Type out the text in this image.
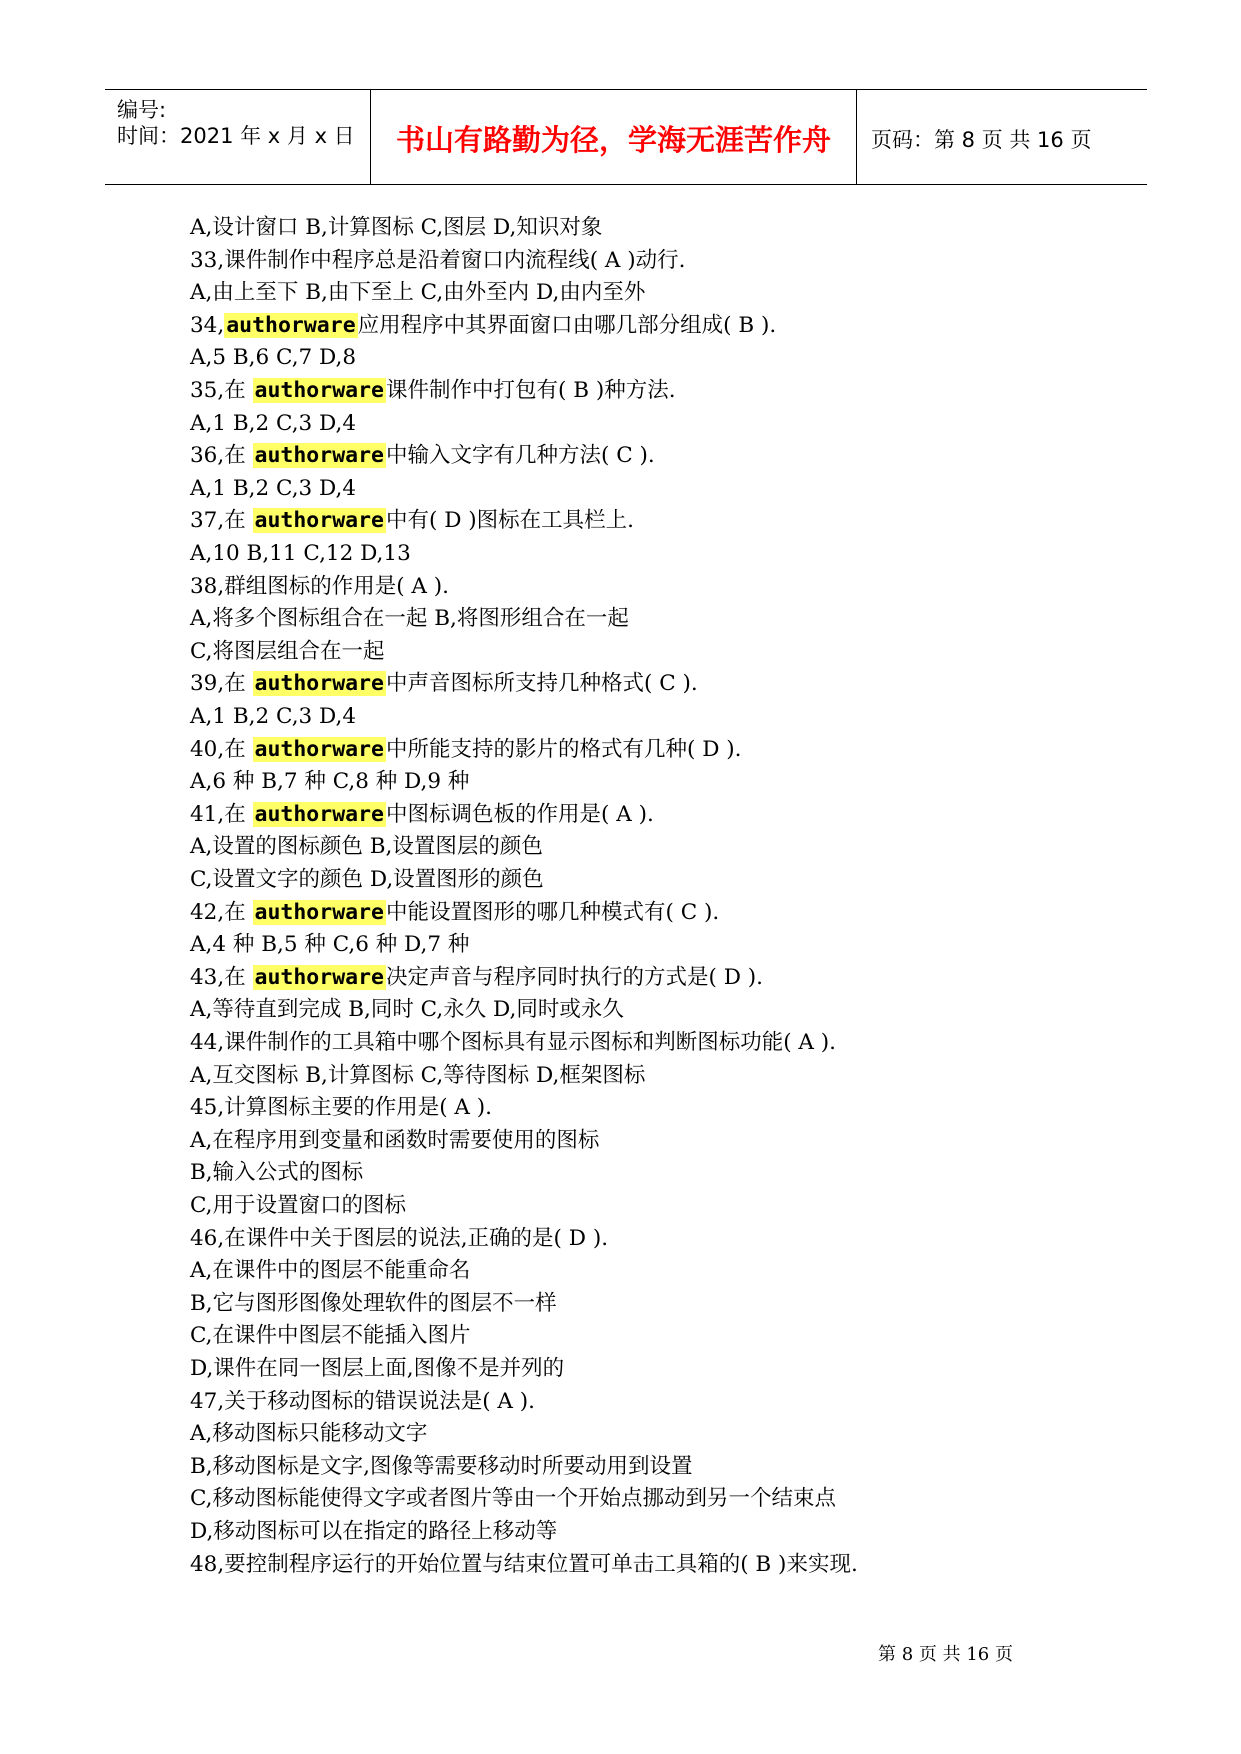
编号:
时间：2021 年 x 月 x 日	书山有路勤为径，学海无涯苦作舟	页码：第 8 页 共 16 页
A,设计窗口 B,计算图标 C,图层 D,知识对象
33,课件制作中程序总是沿着窗口内流程线( A )动行.
A,由上至下 B,由下至上 C,由外至内 D,由内至外
34,authorware应用程序中其界面窗口由哪几部分组成( B ).
A,5 B,6 C,7 D,8
35,在 authorware课件制作中打包有( B )种方法.
A,1 B,2 C,3 D,4
36,在 authorware中输入文字有几种方法( C ).
A,1 B,2 C,3 D,4
37,在 authorware中有( D )图标在工具栏上.
A,10 B,11 C,12 D,13
38,群组图标的作用是( A ).
A,将多个图标组合在一起 B,将图形组合在一起
C,将图层组合在一起
39,在 authorware中声音图标所支持几种格式( C ).
A,1 B,2 C,3 D,4
40,在 authorware中所能支持的影片的格式有几种( D ).
A,6 种 B,7 种 C,8 种 D,9 种
41,在 authorware中图标调色板的作用是( A ).
A,设置的图标颜色 B,设置图层的颜色
C,设置文字的颜色 D,设置图形的颜色
42,在 authorware中能设置图形的哪几种模式有( C ).
A,4 种 B,5 种 C,6 种 D,7 种
43,在 authorware决定声音与程序同时执行的方式是( D ).
A,等待直到完成 B,同时 C,永久 D,同时或永久
44,课件制作的工具箱中哪个图标具有显示图标和判断图标功能( A ).
A,互交图标 B,计算图标 C,等待图标 D,框架图标
45,计算图标主要的作用是( A ).
A,在程序用到变量和函数时需要使用的图标
B,输入公式的图标
C,用于设置窗口的图标
46,在课件中关于图层的说法,正确的是( D ).
A,在课件中的图层不能重命名
B,它与图形图像处理软件的图层不一样
C,在课件中图层不能插入图片
D,课件在同一图层上面,图像不是并列的
47,关于移动图标的错误说法是( A ).
A,移动图标只能移动文字
B,移动图标是文字,图像等需要移动时所要动用到设置
C,移动图标能使得文字或者图片等由一个开始点挪动到另一个结束点
D,移动图标可以在指定的路径上移动等
48,要控制程序运行的开始位置与结束位置可单击工具箱的( B )来实现.
第 8 页 共 16 页
